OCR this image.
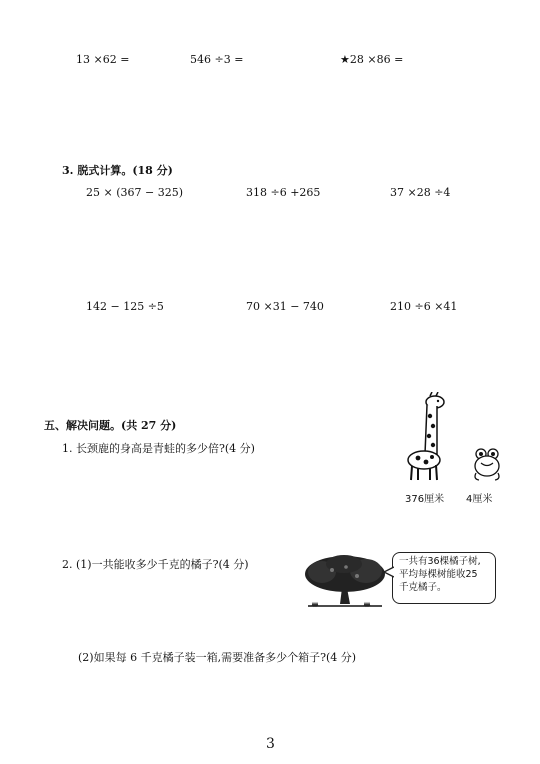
13 ×62 =	546 ÷3 =	★28 ×86 =
3. 脱式计算。(18 分)
25 × (367 − 325)	318 ÷6 +265	37 ×28 ÷4
142 − 125 ÷5	70 ×31 − 740	210 ÷6 ×41
五、解决问题。(共 27 分)
1. 长颈鹿的身高是青蛙的多少倍?(4 分)
376厘米 4厘米
2. (1)一共能收多少千克的橘子?(4 分)	一共有36棵橘子树,
平均每棵树能收25
千克橘子。
(2)如果每 6 千克橘子装一箱,需要准备多少个箱子?(4 分)
3
